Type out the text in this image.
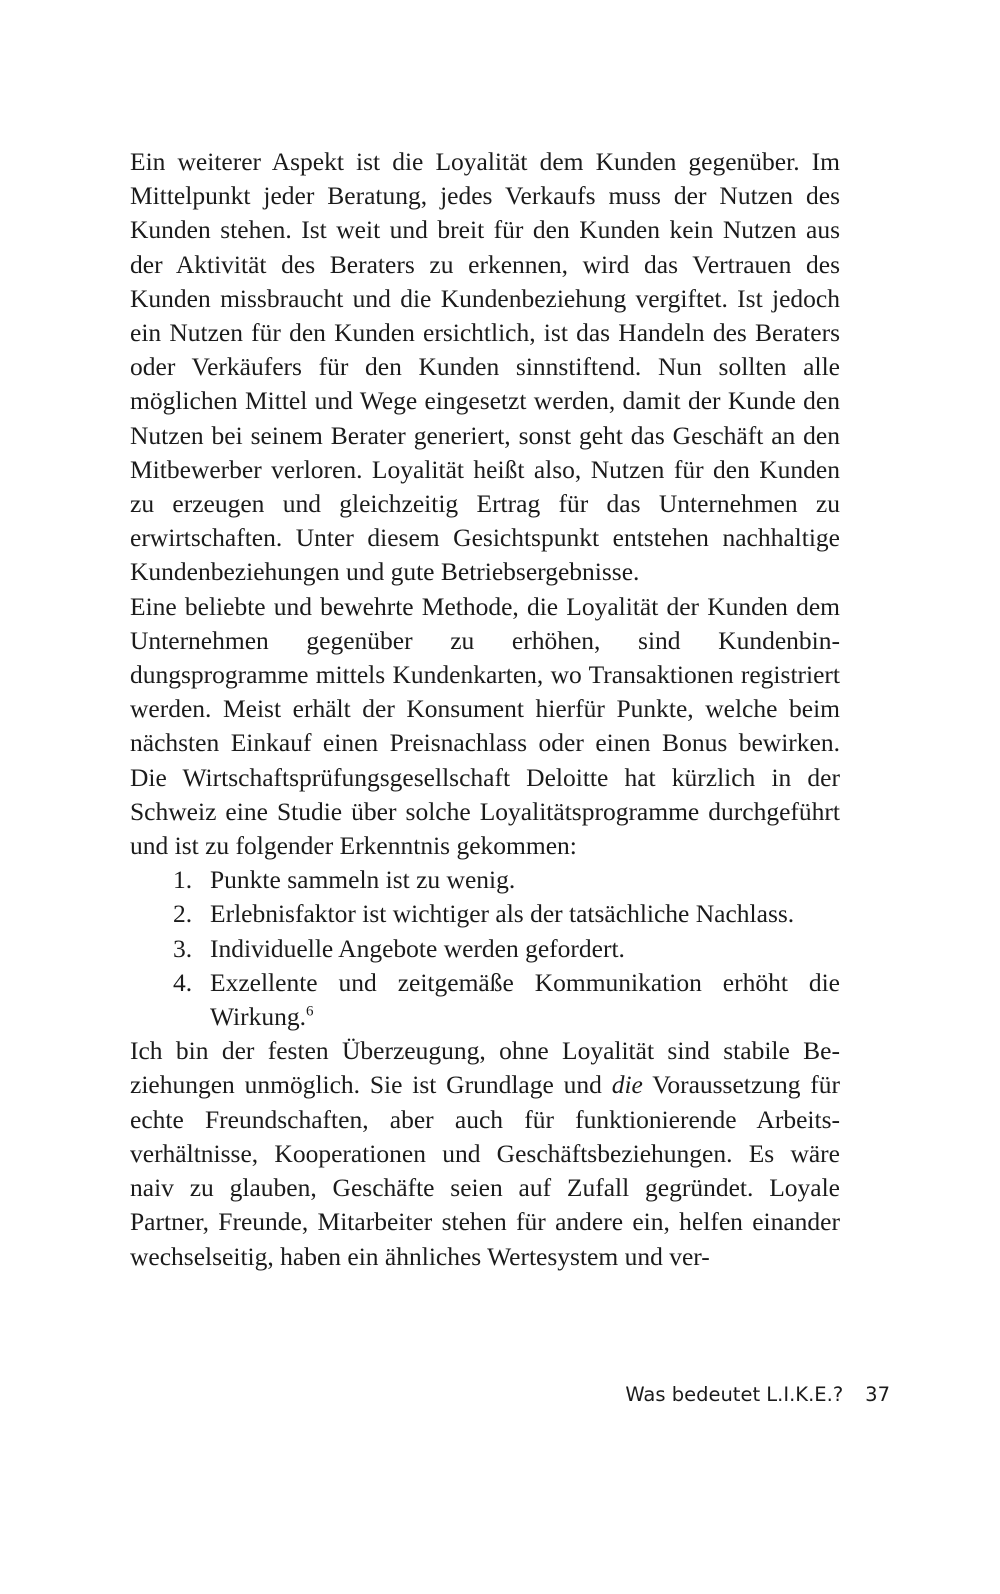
Ein weiterer Aspekt ist die Loyalität dem Kunden gegenüber. Im Mittelpunkt jeder Beratung, jedes Verkaufs muss der Nutzen des Kunden stehen. Ist weit und breit für den Kunden kein Nutzen aus der Aktivität des Beraters zu erkennen, wird das Vertrauen des Kunden missbraucht und die Kundenbeziehung vergiftet. Ist jedoch ein Nutzen für den Kunden ersichtlich, ist das Handeln des Beraters oder Verkäufers für den Kunden sinnstiftend. Nun sollten alle möglichen Mittel und Wege eingesetzt werden, damit der Kunde den Nutzen bei seinem Berater generiert, sonst geht das Geschäft an den Mitbewerber verloren. Loyalität heißt also, Nutzen für den Kunden zu erzeugen und gleichzeitig Ertrag für das Unternehmen zu erwirtschaften. Unter diesem Gesichtspunkt entstehen nachhaltige Kundenbeziehungen und gute Betriebsergebnisse.

Eine beliebte und bewehrte Methode, die Loyalität der Kunden dem Unternehmen gegenüber zu erhöhen, sind Kundenbindungsprogramme mittels Kundenkarten, wo Transaktionen registriert werden. Meist erhält der Konsument hierfür Punkte, welche beim nächsten Einkauf einen Preisnachlass oder einen Bonus bewirken. Die Wirtschaftsprüfungsgesellschaft Deloitte hat kürzlich in der Schweiz eine Studie über solche Loyalitätsprogramme durchgeführt und ist zu folgender Erkenntnis gekommen:

1. Punkte sammeln ist zu wenig.
2. Erlebnisfaktor ist wichtiger als der tatsächliche Nachlass.
3. Individuelle Angebote werden gefordert.
4. Exzellente und zeitgemäße Kommunikation erhöht die Wirkung.$^6$

Ich bin der festen Überzeugung, ohne Loyalität sind stabile Beziehungen unmöglich. Sie ist Grundlage und die Voraussetzung für echte Freundschaften, aber auch für funktionierende Arbeitsverhältnisse, Kooperationen und Geschäftsbeziehungen. Es wäre naiv zu glauben, Geschäfte seien auf Zufall gegründet. Loyale Partner, Freunde, Mitarbeiter stehen für andere ein, helfen einander wechselseitig, haben ein ähnliches Wertesystem und ver-

Was bedeutet L.I.K.E.? 37
